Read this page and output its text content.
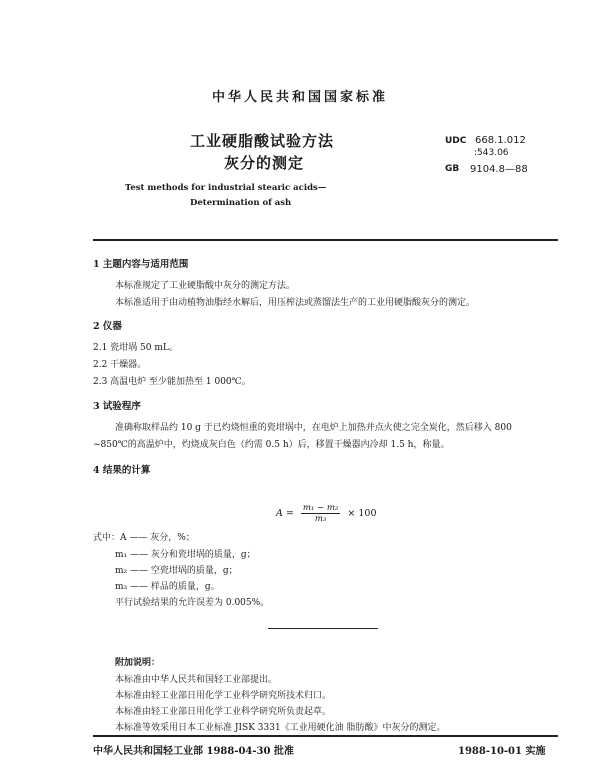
中华人民共和国国家标准
工业硬脂酸试验方法
灰分的测定
Test methods for industrial stearic acids—
Determination of ash
UDC 668.1.012
:543.06
GB 9104.8—88
1 主题内容与适用范围
本标准规定了工业硬脂酸中灰分的测定方法。
本标准适用于由动植物油脂经水解后，用压榨法或蒸馏法生产的工业用硬脂酸灰分的测定。
2 仪器
2.1 瓷坩埚 50 mL。
2.2 干燥器。
2.3 高温电炉 至少能加热至 1 000℃。
3 试验程序
准确称取样品约 10 g 于已灼烧恒重的瓷坩埚中，在电炉上加热并点火使之完全炭化，然后移入 800
~850℃的高温炉中，灼烧成灰白色（约需 0.5 h）后，移置干燥器内冷却 1.5 h，称量。
4 结果的计算
$A = \frac{\text{m₁ − m₂}}{\text{m₃}} \times 100$
式中：A —— 灰分，%；
m₁ —— 灰分和瓷坩埚的质量，g；
m₂ —— 空瓷坩埚的质量，g；
m₃ —— 样品的质量，g。
平行试验结果的允许误差为 0.005%。
附加说明：
本标准由中华人民共和国轻工业部提出。
本标准由轻工业部日用化学工业科学研究所技术归口。
本标准由轻工业部日用化学工业科学研究所负责起草。
本标准等效采用日本工业标准 JISK 3331《工业用硬化油 脂肪酸》中灰分的测定。
中华人民共和国轻工业部 1988-04-30 批准	1988-10-01 实施
